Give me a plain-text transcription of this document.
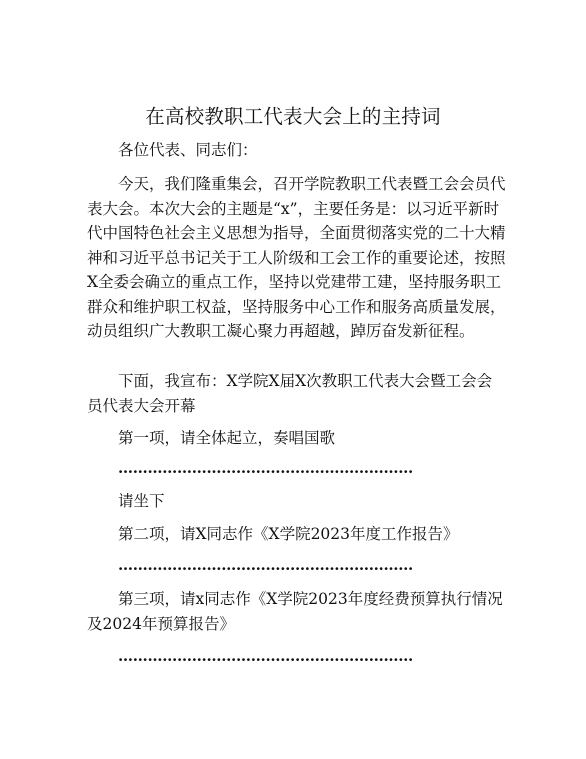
在高校教职工代表大会上的主持词
各位代表、同志们：

今天，我们隆重集会，召开学院教职工代表暨工会会员代表大会。本次大会的主题是“x”，主要任务是：以习近平新时代中国特色社会主义思想为指导，全面贯彻落实党的二十大精神和习近平总书记关于工人阶级和工会工作的重要论述，按照X全委会确立的重点工作，坚持以党建带工建，坚持服务职工群众和维护职工权益，坚持服务中心工作和服务高质量发展，动员组织广大教职工凝心聚力再超越，踔厉奋发新征程。

下面，我宣布：X学院X届X次教职工代表大会暨工会会员代表大会开幕

第一项，请全体起立，奏唱国歌
……………………………………………………
请坐下
第二项，请X同志作《X学院2023年度工作报告》
……………………………………………………

第三项，请x同志作《X学院2023年度经费预算执行情况及2024年预算报告》

……………………………………………………
